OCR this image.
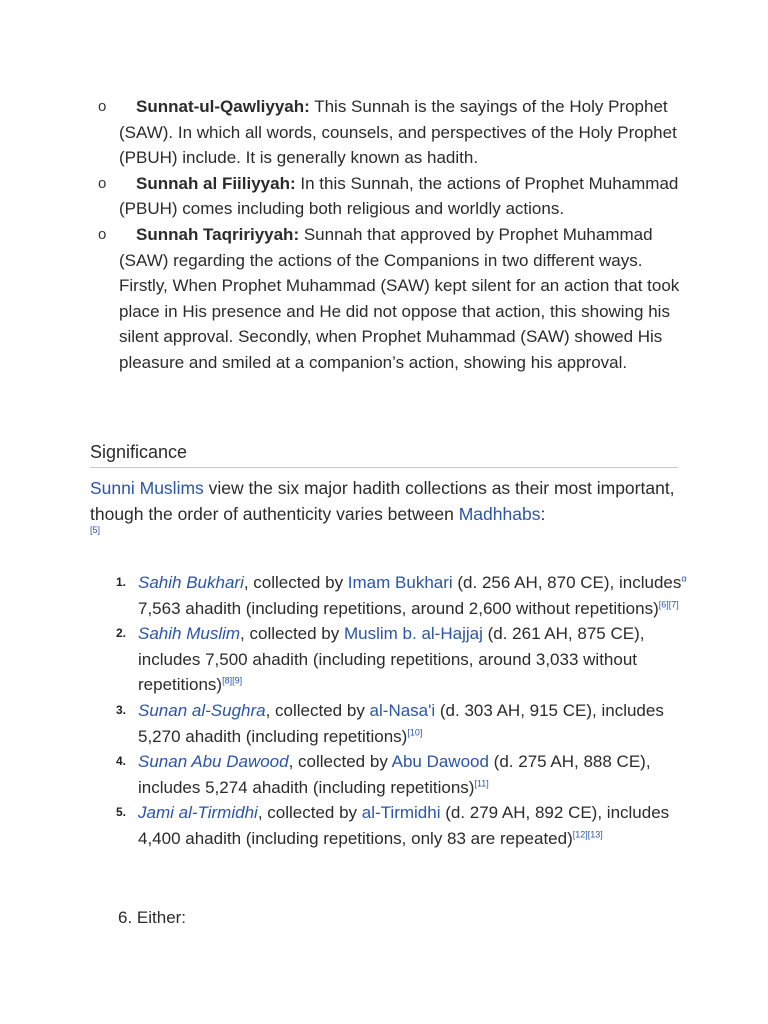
o Sunnat-ul-Qawliyyah: This Sunnah is the sayings of the Holy Prophet (SAW). In which all words, counsels, and perspectives of the Holy Prophet (PBUH) include. It is generally known as hadith.
o Sunnah al Fiiliyyah: In this Sunnah, the actions of Prophet Muhammad (PBUH) comes including both religious and worldly actions.
o Sunnah Taqririyyah: Sunnah that approved by Prophet Muhammad (SAW) regarding the actions of the Companions in two different ways. Firstly, When Prophet Muhammad (SAW) kept silent for an action that took place in His presence and He did not oppose that action, this showing his silent approval. Secondly, when Prophet Muhammad (SAW) showed His pleasure and smiled at a companion’s action, showing his approval.
Significance

Sunni Muslims view the six major hadith collections as their most important, though the order of authenticity varies between Madhhabs:
[5]

1. Sahih Bukhari, collected by Imam Bukhari (d. 256 AH, 870 CE), includes$^\alpha$ 7,563 ahadith (including repetitions, around 2,600 without repetitions)[6][7]
2. Sahih Muslim, collected by Muslim b. al-Hajjaj (d. 261 AH, 875 CE), includes 7,500 ahadith (including repetitions, around 3,033 without repetitions)[8][9]
3. Sunan al-Sughra, collected by al-Nasa'i (d. 303 AH, 915 CE), includes 5,270 ahadith (including repetitions)[10]
4. Sunan Abu Dawood, collected by Abu Dawood (d. 275 AH, 888 CE), includes 5,274 ahadith (including repetitions)[11]
5. Jami al-Tirmidhi, collected by al-Tirmidhi (d. 279 AH, 892 CE), includes 4,400 ahadith (including repetitions, only 83 are repeated)[12][13]
6. Either:
